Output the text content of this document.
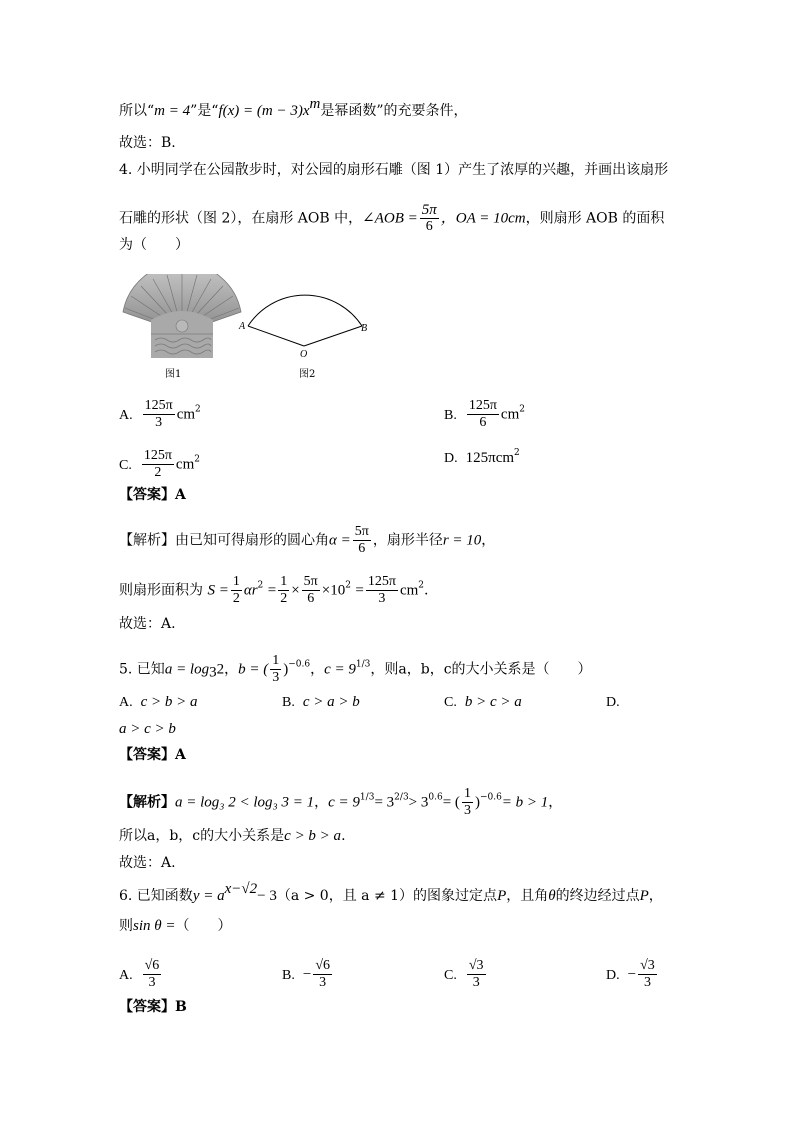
所以“m = 4”是“$f(x) = (m - 3)x^m$是幂函数”的充要条件，
故选：B.
4. 小明同学在公园散步时，对公园的扇形石雕（图 1）产生了浓厚的兴趣，并画出该扇形
石雕的形状（图 2），在扇形 AOB 中，∠AOB = $\frac{5\pi}{6}$ ，OA = 10cm，则扇形 AOB 的面积
为（　　）
图1
A	B
O
图2
A. $\frac{125\pi}{3} cm^2$	B. $\frac{125\pi}{6} cm^2$
C. $\frac{125\pi}{2} cm^2$	D. 125πcm$^2$
【答案】A
【解析】由已知可得扇形的圆心角$\alpha = \frac{5\pi}{6}$ ，扇形半径r = 10，
则扇形面积为 $S = \frac{1}{2} \alpha r^2 = \frac{1}{2} \times \frac{5\pi}{6} \times 10^2 = \frac{125\pi}{3} cm^2$.
故选：A.
5. 已知$a = \log_32$，b = ( $\frac{1}{3} )^{-0.6}$，$c = 9^{1/3}$，则a，b，c的大小关系是（　　）
A. c > b > a	B. c > a > b	C. b > c > a	D.
a > c > b
【答案】A
【解析】a = log₃ 2 < log₃ 3 = 1，$c = 9^{1/3}= 3^{2/3}> 3^{0.6}=$ ( $\frac{1}{3} )^{-0.6}= b > 1$，
所以a，b，c的大小关系是c > b > a.
故选：A.
6. 已知函数$y = a^{x-√2}- 3(a > 0$，且 a ≠ 1）的图象过定点P，且角θ的终边经过点P，
则sin θ =（　　）
A. $\frac{√6}{3}$	B. − $\frac{√6}{3}$	C. $\frac{√3}{3}$	D. − $\frac{√3}{3}$
【答案】B
